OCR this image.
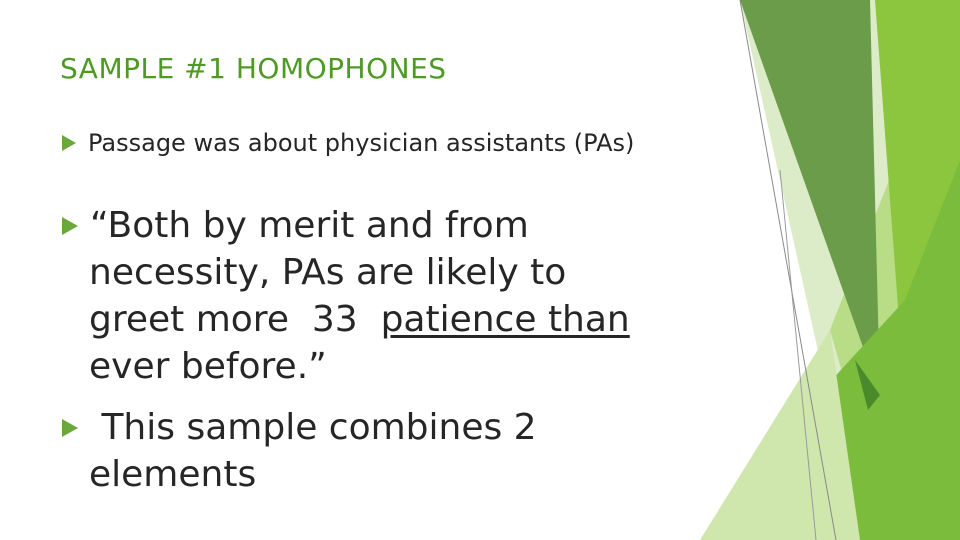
SAMPLE #1 HOMOPHONES
Passage was about physician assistants (PAs)
“Both by merit and from
necessity, PAs are likely to
greet more  33  patience than
ever before.”
This sample combines 2
elements
